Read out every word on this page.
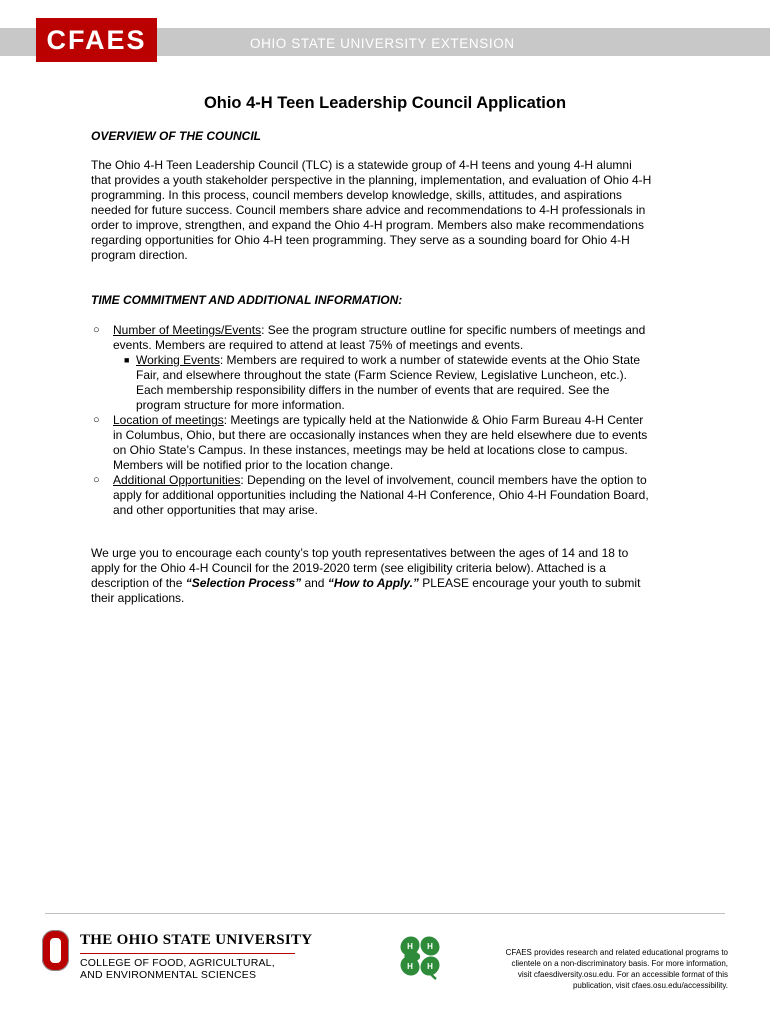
OHIO STATE UNIVERSITY EXTENSION
CFAES
Ohio 4-H Teen Leadership Council Application
OVERVIEW OF THE COUNCIL
The Ohio 4-H Teen Leadership Council (TLC) is a statewide group of 4-H teens and young 4-H alumni
that provides a youth stakeholder perspective in the planning, implementation, and evaluation of Ohio 4-H
programming. In this process, council members develop knowledge, skills, attitudes, and aspirations
needed for future success. Council members share advice and recommendations to 4-H professionals in
order to improve, strengthen, and expand the Ohio 4-H program. Members also make recommendations
regarding opportunities for Ohio 4-H teen programming. They serve as a sounding board for Ohio 4-H
program direction.
TIME COMMITMENT AND ADDITIONAL INFORMATION:
○ Number of Meetings/Events: See the program structure outline for specific numbers of meetings and
events. Members are required to attend at least 75% of meetings and events.
■ Working Events: Members are required to work a number of statewide events at the Ohio State
Fair, and elsewhere throughout the state (Farm Science Review, Legislative Luncheon, etc.).
Each membership responsibility differs in the number of events that are required. See the
program structure for more information.
○ Location of meetings: Meetings are typically held at the Nationwide & Ohio Farm Bureau 4-H Center
in Columbus, Ohio, but there are occasionally instances when they are held elsewhere due to events
on Ohio State’s Campus. In these instances, meetings may be held at locations close to campus.
Members will be notified prior to the location change.
○ Additional Opportunities: Depending on the level of involvement, council members have the option to
apply for additional opportunities including the National 4-H Conference, Ohio 4-H Foundation Board,
and other opportunities that may arise.
We urge you to encourage each county’s top youth representatives between the ages of 14 and 18 to
apply for the Ohio 4-H Council for the 2019-2020 term (see eligibility criteria below). Attached is a
description of the “Selection Process” and “How to Apply.” PLEASE encourage your youth to submit
their applications.
THE OHIO STATE UNIVERSITY
COLLEGE OF FOOD, AGRICULTURAL,
AND ENVIRONMENTAL SCIENCES
H H
H H
CFAES provides research and related educational programs to
clientele on a non-discriminatory basis. For more information,
visit cfaesdiversity.osu.edu. For an accessible format of this
publication, visit cfaes.osu.edu/accessibility.
